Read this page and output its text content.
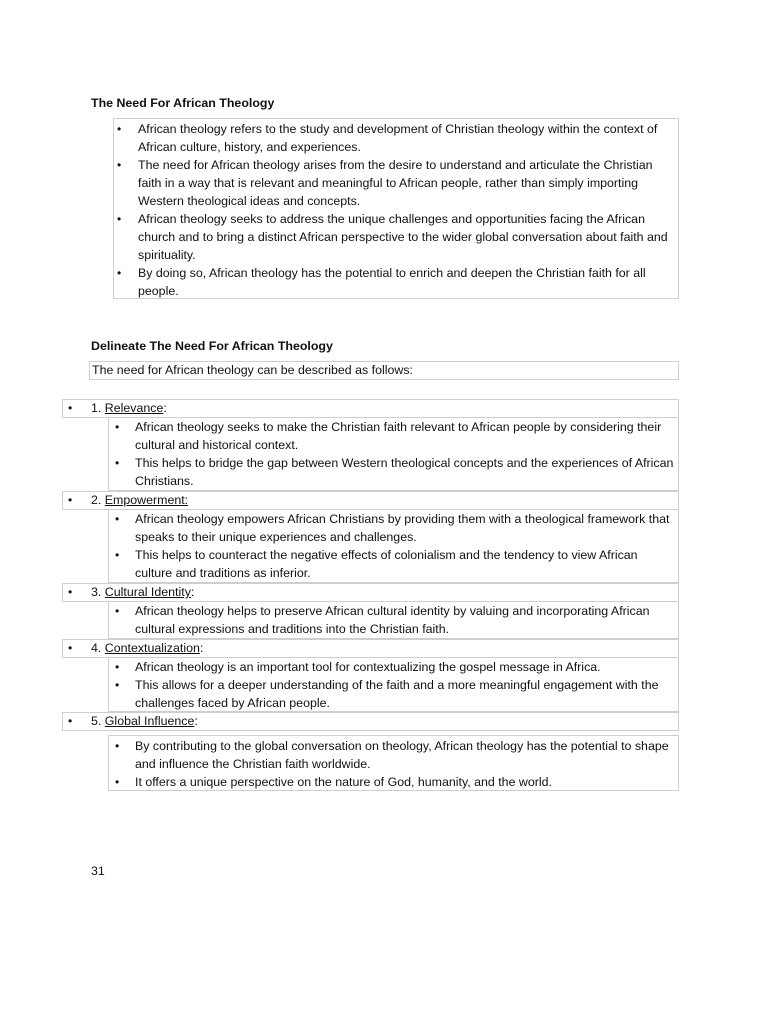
The Need For African Theology
• African theology refers to the study and development of Christian theology within the context of African culture, history, and experiences.
• The need for African theology arises from the desire to understand and articulate the Christian faith in a way that is relevant and meaningful to African people, rather than simply importing Western theological ideas and concepts.
• African theology seeks to address the unique challenges and opportunities facing the African church and to bring a distinct African perspective to the wider global conversation about faith and spirituality.
• By doing so, African theology has the potential to enrich and deepen the Christian faith for all people.
Delineate The Need For African Theology
The need for African theology can be described as follows:
• 1. Relevance:
• African theology seeks to make the Christian faith relevant to African people by considering their cultural and historical context.
• This helps to bridge the gap between Western theological concepts and the experiences of African Christians.
• 2. Empowerment:
• African theology empowers African Christians by providing them with a theological framework that speaks to their unique experiences and challenges.
• This helps to counteract the negative effects of colonialism and the tendency to view African culture and traditions as inferior.
• 3. Cultural Identity:
• African theology helps to preserve African cultural identity by valuing and incorporating African cultural expressions and traditions into the Christian faith.
• 4. Contextualization:
• African theology is an important tool for contextualizing the gospel message in Africa.
• This allows for a deeper understanding of the faith and a more meaningful engagement with the challenges faced by African people.
• 5. Global Influence:
• By contributing to the global conversation on theology, African theology has the potential to shape and influence the Christian faith worldwide.
• It offers a unique perspective on the nature of God, humanity, and the world.
31
